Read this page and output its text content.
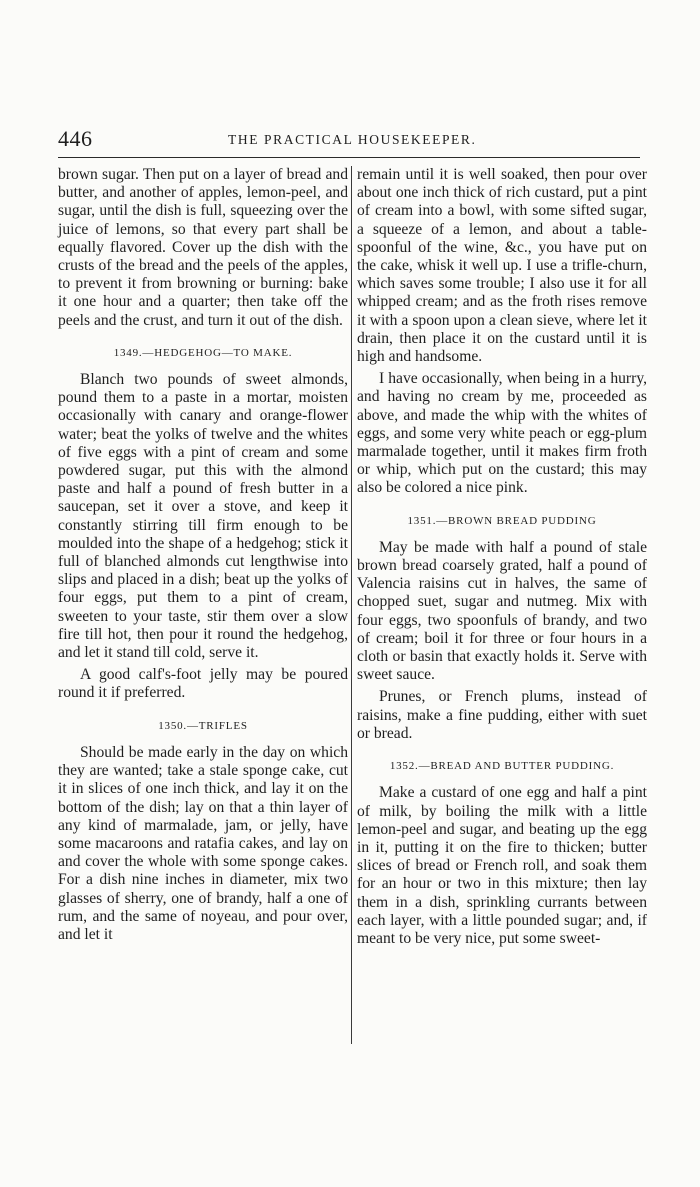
446	THE PRACTICAL HOUSEKEEPER.

brown sugar. Then put on a layer of bread and butter, and another of apples, lemon-peel, and sugar, until the dish is full, squeezing over the juice of lemons, so that every part shall be equally flavored. Cover up the dish with the crusts of the bread and the peels of the apples, to prevent it from browning or burning: bake it one hour and a quarter; then take off the peels and the crust, and turn it out of the dish.

1349.—HEDGEHOG—TO MAKE.

Blanch two pounds of sweet almonds, pound them to a paste in a mortar, moisten occasionally with canary and orange-flower water; beat the yolks of twelve and the whites of five eggs with a pint of cream and some powdered sugar, put this with the almond paste and half a pound of fresh butter in a saucepan, set it over a stove, and keep it constantly stirring till firm enough to be moulded into the shape of a hedgehog; stick it full of blanched almonds cut lengthwise into slips and placed in a dish; beat up the yolks of four eggs, put them to a pint of cream, sweeten to your taste, stir them over a slow fire till hot, then pour it round the hedgehog, and let it stand till cold, serve it.

A good calf's-foot jelly may be poured round it if preferred.

1350.—TRIFLES

Should be made early in the day on which they are wanted; take a stale sponge cake, cut it in slices of one inch thick, and lay it on the bottom of the dish; lay on that a thin layer of any kind of marmalade, jam, or jelly, have some macaroons and ratafia cakes, and lay on and cover the whole with some sponge cakes. For a dish nine inches in diameter, mix two glasses of sherry, one of brandy, half a one of rum, and the same of noyeau, and pour over, and let it

remain until it is well soaked, then pour over about one inch thick of rich custard, put a pint of cream into a bowl, with some sifted sugar, a squeeze of a lemon, and about a table-spoonful of the wine, &c., you have put on the cake, whisk it well up. I use a trifle-churn, which saves some trouble; I also use it for all whipped cream; and as the froth rises remove it with a spoon upon a clean sieve, where let it drain, then place it on the custard until it is high and handsome.

I have occasionally, when being in a hurry, and having no cream by me, proceeded as above, and made the whip with the whites of eggs, and some very white peach or egg-plum marmalade together, until it makes firm froth or whip, which put on the custard; this may also be colored a nice pink.

1351.—BROWN BREAD PUDDING

May be made with half a pound of stale brown bread coarsely grated, half a pound of Valencia raisins cut in halves, the same of chopped suet, sugar and nutmeg. Mix with four eggs, two spoonfuls of brandy, and two of cream; boil it for three or four hours in a cloth or basin that exactly holds it. Serve with sweet sauce.

Prunes, or French plums, instead of raisins, make a fine pudding, either with suet or bread.

1352.—BREAD AND BUTTER PUDDING.

Make a custard of one egg and half a pint of milk, by boiling the milk with a little lemon-peel and sugar, and beating up the egg in it, putting it on the fire to thicken; butter slices of bread or French roll, and soak them for an hour or two in this mixture; then lay them in a dish, sprinkling currants between each layer, with a little pounded sugar; and, if meant to be very nice, put some sweet-
